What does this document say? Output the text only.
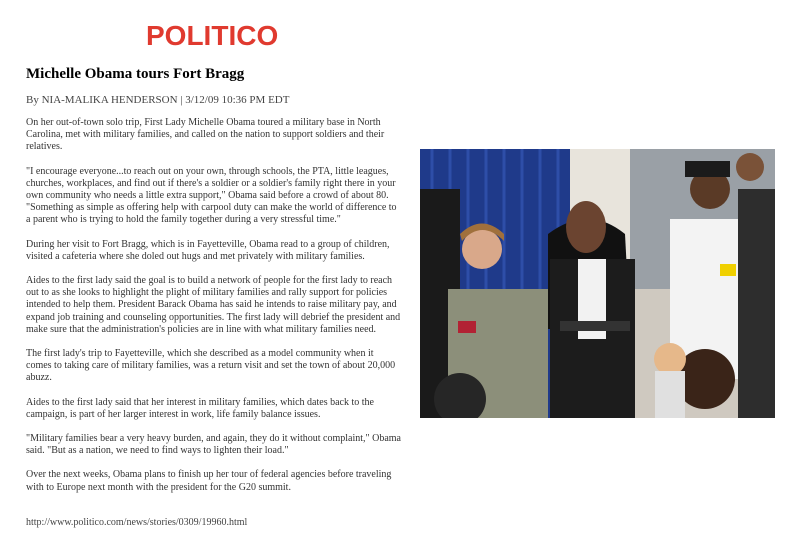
POLITICO
Michelle Obama tours Fort Bragg
By NIA-MALIKA HENDERSON | 3/12/09 10:36 PM EDT

On her out-of-town solo trip, First Lady Michelle Obama toured a military base in North Carolina, met with military families, and called on the nation to support soldiers and their relatives.

"I encourage everyone...to reach out on your own, through schools, the PTA, little leagues, churches, workplaces, and find out if there's a soldier or a soldier's family right there in your own community who needs a little extra support," Obama said before a crowd of about 80. "Something as simple as offering help with carpool duty can make the world of difference to a parent who is trying to hold the family together during a very stressful time."

During her visit to Fort Bragg, which is in Fayetteville, Obama read to a group of children, visited a cafeteria where she doled out hugs and met privately with military families.

Aides to the first lady said the goal is to build a network of people for the first lady to reach out to as she looks to highlight the plight of military families and rally support for policies intended to help them. President Barack Obama has said he intends to raise military pay, and expand job training and counseling opportunities. The first lady will debrief the president and make sure that the administration's policies are in line with what military families need.

The first lady's trip to Fayetteville, which she described as a model community when it comes to taking care of military families, was a return visit and set the town of about 20,000 abuzz.

Aides to the first lady said that her interest in military families, which dates back to the campaign, is part of her larger interest in work, life family balance issues.

"Military families bear a very heavy burden, and again, they do it without complaint," Obama said. "But as a nation, we need to find ways to lighten their load."

Over the next weeks, Obama plans to finish up her tour of federal agencies before traveling with to Europe next month with the president for the G20 summit.

http://www.politico.com/news/stories/0309/19960.html
